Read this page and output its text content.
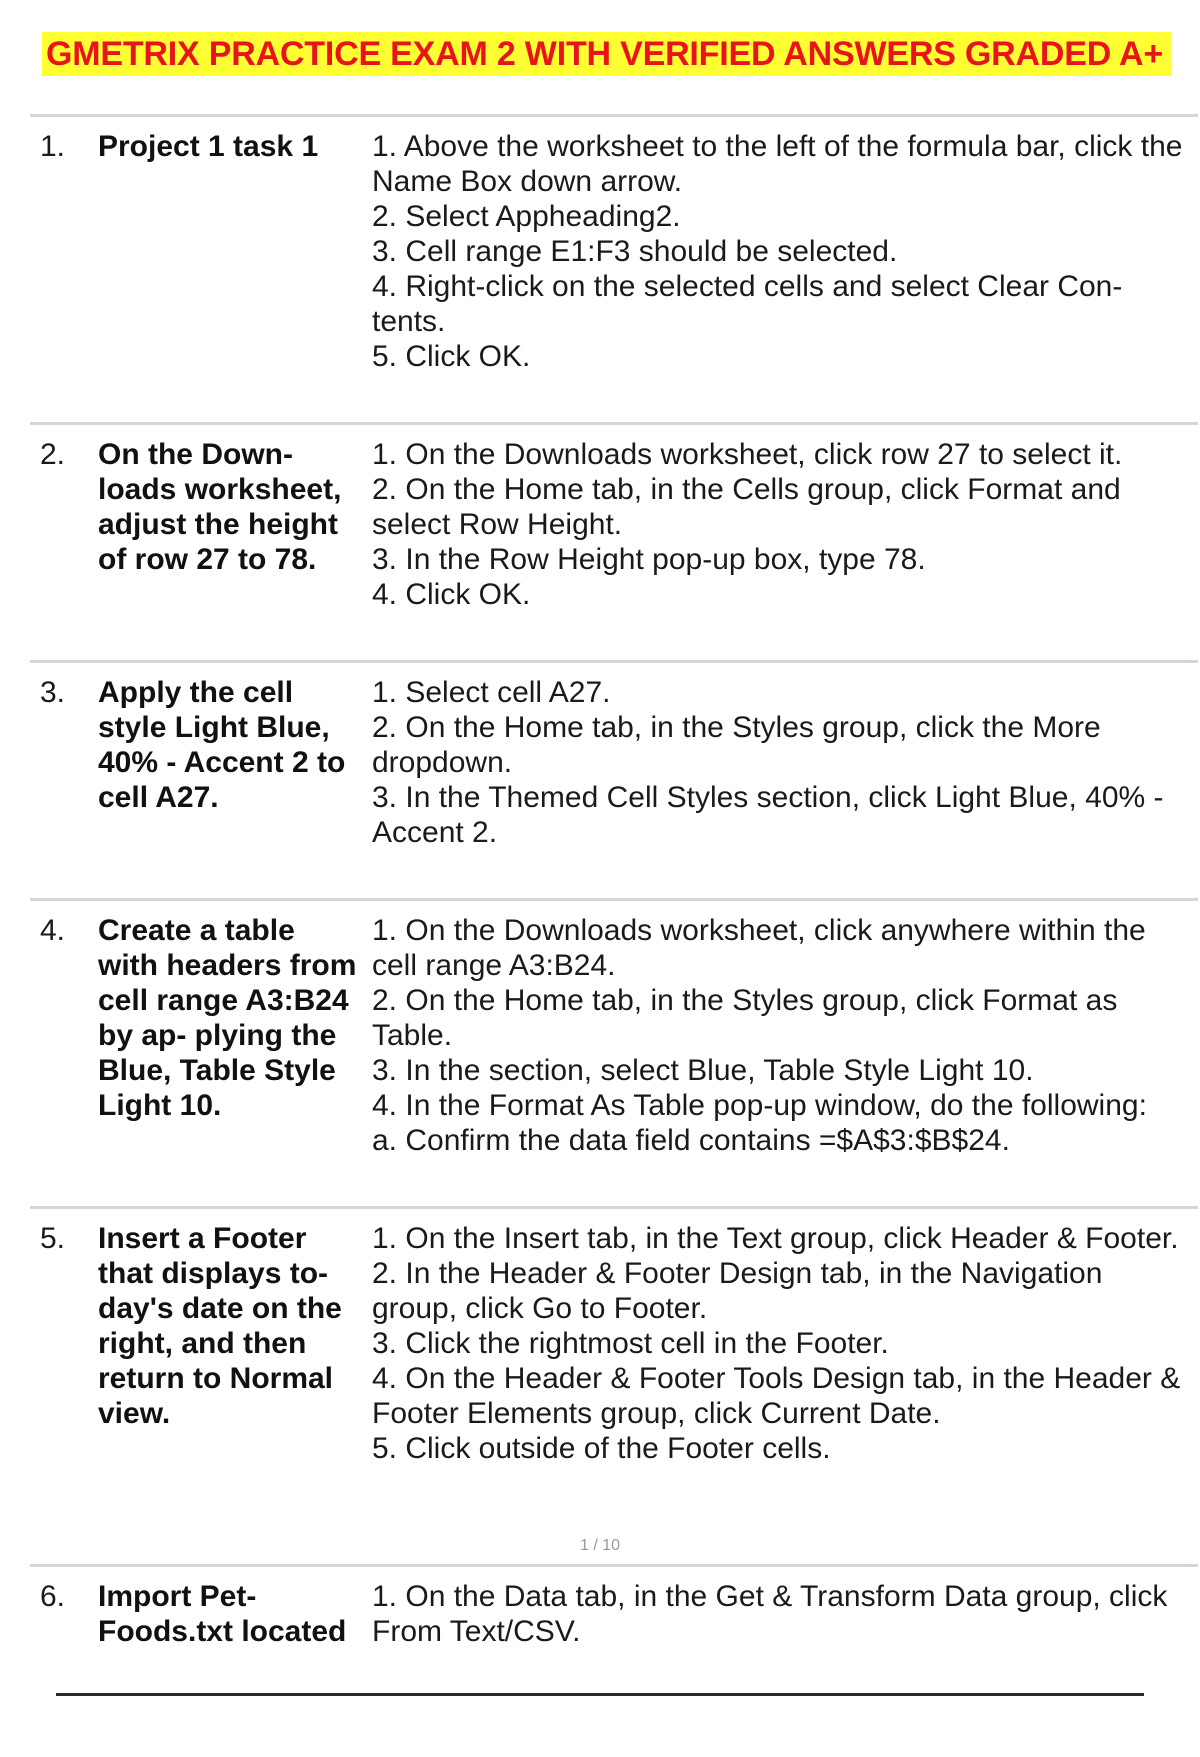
GMETRIX PRACTICE EXAM 2 WITH VERIFIED ANSWERS GRADED A+
1.	Project 1 task 1	1. Above the worksheet to the left of the formula bar, click the Name Box down arrow.
2. Select Appheading2.
3. Cell range E1:F3 should be selected.
4. Right-click on the selected cells and select Clear Con- tents.
5. Click OK.
2.	On the Down- loads worksheet, adjust the height of row 27 to 78.
1. On the Downloads worksheet, click row 27 to select it.
2. On the Home tab, in the Cells group, click Format and select Row Height.
3. In the Row Height pop-up box, type 78.
4. Click OK.
3.	Apply the cell style Light Blue, 40% - Accent 2 to cell A27.
1. Select cell A27.
2. On the Home tab, in the Styles group, click the More dropdown.
3. In the Themed Cell Styles section, click Light Blue, 40% - Accent 2.
4.	Create a table with headers from cell range A3:B24 by ap- plying the Blue, Table Style Light 10.
1. On the Downloads worksheet, click anywhere within the cell range A3:B24.
2. On the Home tab, in the Styles group, click Format as Table.
3. In the section, select Blue, Table Style Light 10.
4. In the Format As Table pop-up window, do the following:
a. Confirm the data field contains =$A$3:$B$24.
5.	Insert a Footer that displays to- day's date on the right, and then return to Normal view.
1. On the Insert tab, in the Text group, click Header & Footer.
2. In the Header & Footer Design tab, in the Navigation group, click Go to Footer.
3. Click the rightmost cell in the Footer.
4. On the Header & Footer Tools Design tab, in the Header & Footer Elements group, click Current Date.
5. Click outside of the Footer cells.
6.	Import Pet- Foods.txt located
1. On the Data tab, in the Get & Transform Data group, click From Text/CSV.
1 / 10
